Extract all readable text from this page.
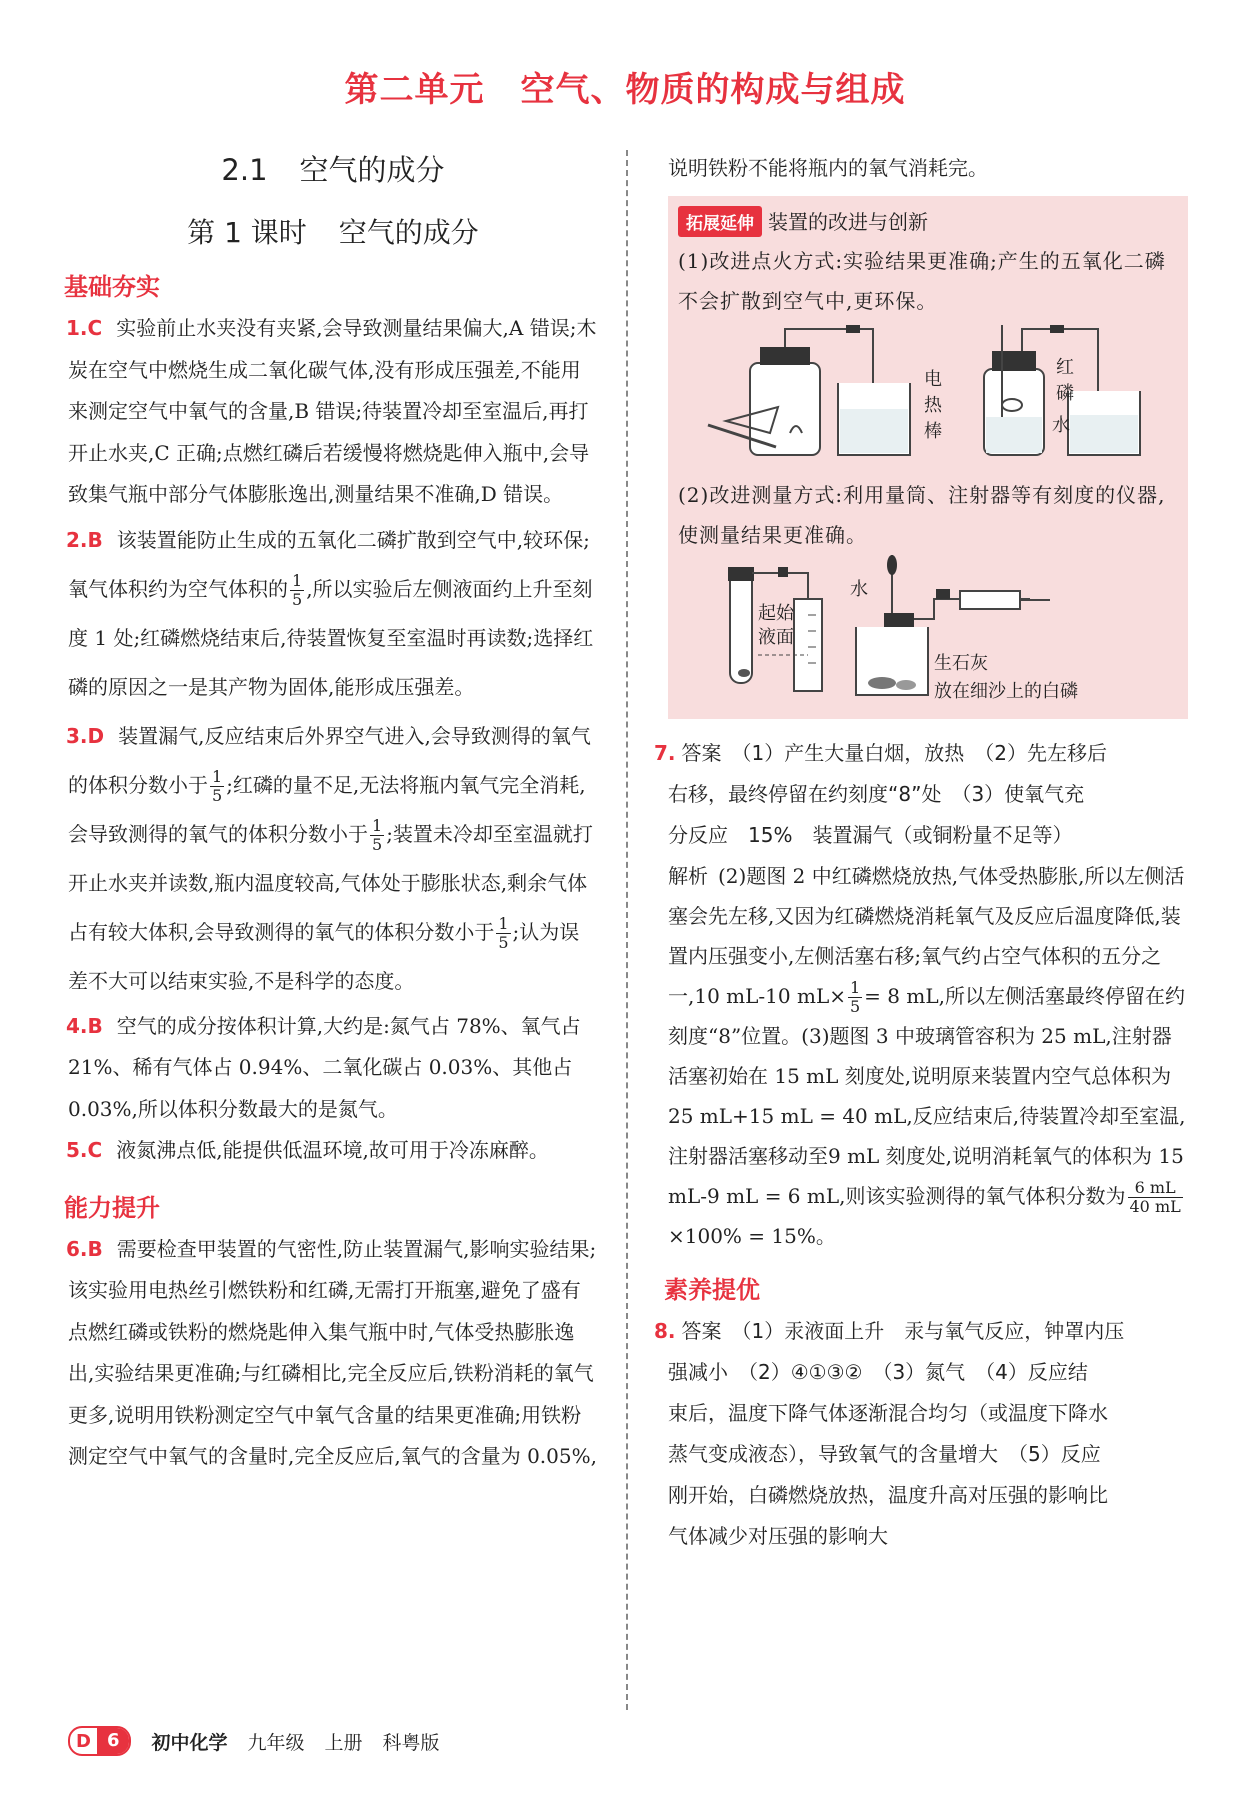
第二单元 空气、物质的构成与组成
2.1 空气的成分
第 1 课时 空气的成分
基础夯实
1.C 实验前止水夹没有夹紧,会导致测量结果偏大,A 错误;木炭在空气中燃烧生成二氧化碳气体,没有形成压强差,不能用来测定空气中氧气的含量,B 错误;待装置冷却至室温后,再打开止水夹,C 正确;点燃红磷后若缓慢将燃烧匙伸入瓶中,会导致集气瓶中部分气体膨胀逸出,测量结果不准确,D 错误。
2.B 该装置能防止生成的五氧化二磷扩散到空气中,较环保;氧气体积约为空气体积的 $\frac{1}{5}$ ,所以实验后左侧液面约上升至刻度 1 处;红磷燃烧结束后,待装置恢复至室温时再读数;选择红磷的原因之一是其产物为固体,能形成压强差。
3.D 装置漏气,反应结束后外界空气进入,会导致测得的氧气的体积分数小于 $\frac{1}{5}$ ;红磷的量不足,无法将瓶内氧气完全消耗,会导致测得的氧气的体积分数小于 $\frac{1}{5}$ ;装置未冷却至室温就打开止水夹并读数,瓶内温度较高,气体处于膨胀状态,剩余气体占有较大体积,会导致测得的氧气的体积分数小于 $\frac{1}{5}$ ;认为误差不大可以结束实验,不是科学的态度。
4.B 空气的成分按体积计算,大约是:氮气占 78%、氧气占 21%、稀有气体占 0.94%、二氧化碳占 0.03%、其他占 0.03%,所以体积分数最大的是氮气。
5.C 液氮沸点低,能提供低温环境,故可用于冷冻麻醉。
能力提升
6.B 需要检查甲装置的气密性,防止装置漏气,影响实验结果;该实验用电热丝引燃铁粉和红磷,无需打开瓶塞,避免了盛有点燃红磷或铁粉的燃烧匙伸入集气瓶中时,气体受热膨胀逸出,实验结果更准确;与红磷相比,完全反应后,铁粉消耗的氧气更多,说明用铁粉测定空气中氧气含量的结果更准确;用铁粉测定空气中氧气的含量时,完全反应后,氧气的含量为 0.05%,
说明铁粉不能将瓶内的氧气消耗完。
拓展延伸 装置的改进与创新
(1)改进点火方式:实验结果更准确;产生的五氧化二磷不会扩散到空气中,更环保。
电
热
棒
红
磷
水
(2)改进测量方式:利用量筒、注射器等有刻度的仪器,使测量结果更准确。
起始
液面
水
生石灰
放在细沙上的白磷
7. 答案　（1）产生大量白烟，放热　（2）先左移后
右移，最终停留在约刻度“8”处　（3）使氧气充
分反应　15%　装置漏气（或铜粉量不足等）
解析 (2)题图 2 中红磷燃烧放热,气体受热膨胀,所以左侧活塞会先左移,又因为红磷燃烧消耗氧气及反应后温度降低,装置内压强变小,左侧活塞右移;氧气约占空气体积的五分之一,10 mL-10 $mL\times \frac{1}{5} = 8$ mL,所以左侧活塞最终停留在约刻度“8”位置。(3)题图 3 中玻璃管容积为 25 mL,注射器活塞初始在 15 mL 刻度处,说明原来装置内空气总体积为 25 mL+15 mL = 40 mL,反应结束后,待装置冷却至室温,注射器活塞移动至9 mL 刻度处,说明消耗氧气的体积为 15 mL-9 mL = 6 mL,则该实验测得的氧气体积分数为 $\frac{6 mL}{40 mL}$
×100% = 15%。
素养提优
8. 答案　（1）汞液面上升　汞与氧气反应，钟罩内压
强减小　（2）④①③②　（3）氮气　（4）反应结
束后，温度下降气体逐渐混合均匀（或温度下降水
蒸气变成液态），导致氧气的含量增大　（5）反应
刚开始，白磷燃烧放热，温度升高对压强的影响比
气体减少对压强的影响大
D 6	初中化学 九年级 上册 科粤版
